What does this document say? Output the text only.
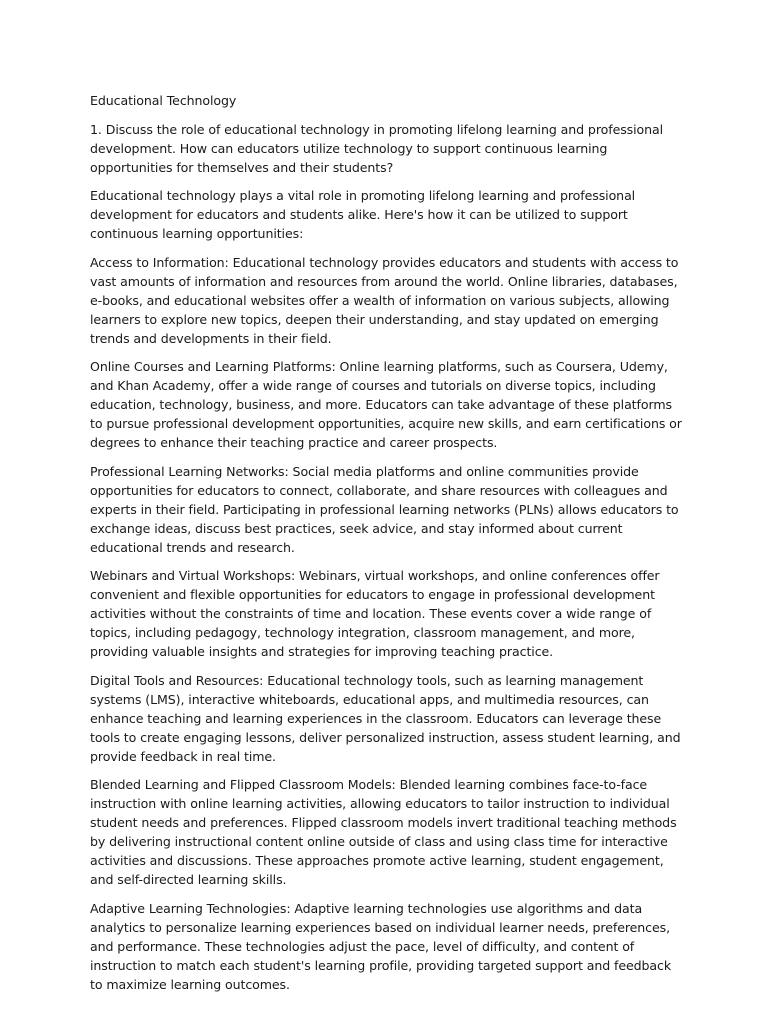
Educational Technology

1. Discuss the role of educational technology in promoting lifelong learning and professional development. How can educators utilize technology to support continuous learning opportunities for themselves and their students?

Educational technology plays a vital role in promoting lifelong learning and professional development for educators and students alike. Here's how it can be utilized to support continuous learning opportunities:

Access to Information: Educational technology provides educators and students with access to vast amounts of information and resources from around the world. Online libraries, databases, e-books, and educational websites offer a wealth of information on various subjects, allowing learners to explore new topics, deepen their understanding, and stay updated on emerging trends and developments in their field.

Online Courses and Learning Platforms: Online learning platforms, such as Coursera, Udemy, and Khan Academy, offer a wide range of courses and tutorials on diverse topics, including education, technology, business, and more. Educators can take advantage of these platforms to pursue professional development opportunities, acquire new skills, and earn certifications or degrees to enhance their teaching practice and career prospects.

Professional Learning Networks: Social media platforms and online communities provide opportunities for educators to connect, collaborate, and share resources with colleagues and experts in their field. Participating in professional learning networks (PLNs) allows educators to exchange ideas, discuss best practices, seek advice, and stay informed about current educational trends and research.

Webinars and Virtual Workshops: Webinars, virtual workshops, and online conferences offer convenient and flexible opportunities for educators to engage in professional development activities without the constraints of time and location. These events cover a wide range of topics, including pedagogy, technology integration, classroom management, and more, providing valuable insights and strategies for improving teaching practice.

Digital Tools and Resources: Educational technology tools, such as learning management systems (LMS), interactive whiteboards, educational apps, and multimedia resources, can enhance teaching and learning experiences in the classroom. Educators can leverage these tools to create engaging lessons, deliver personalized instruction, assess student learning, and provide feedback in real time.

Blended Learning and Flipped Classroom Models: Blended learning combines face-to-face instruction with online learning activities, allowing educators to tailor instruction to individual student needs and preferences. Flipped classroom models invert traditional teaching methods by delivering instructional content online outside of class and using class time for interactive activities and discussions. These approaches promote active learning, student engagement, and self-directed learning skills.

Adaptive Learning Technologies: Adaptive learning technologies use algorithms and data analytics to personalize learning experiences based on individual learner needs, preferences, and performance. These technologies adjust the pace, level of difficulty, and content of instruction to match each student's learning profile, providing targeted support and feedback to maximize learning outcomes.
